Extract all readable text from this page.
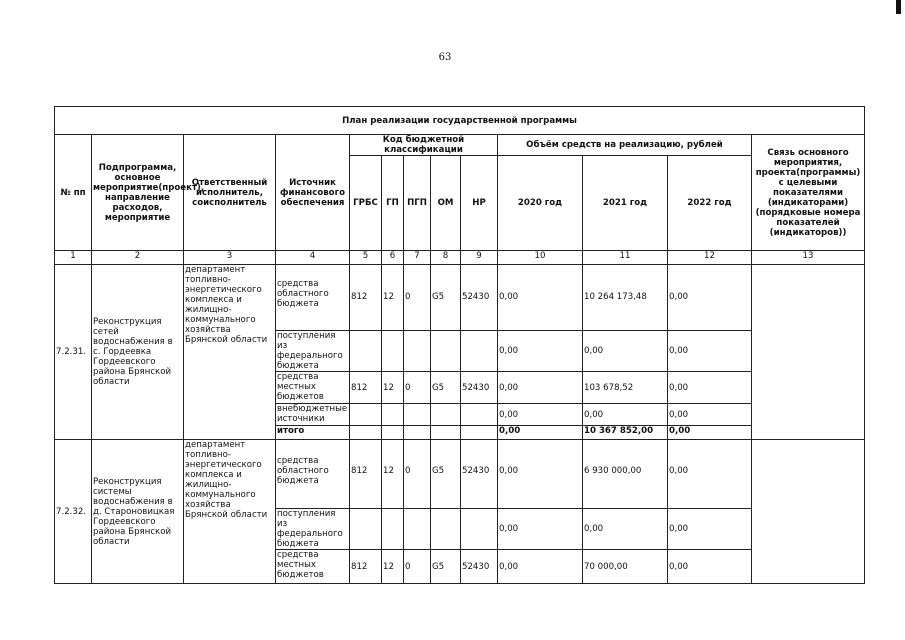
63
План реализации государственной программы												
№ пп	Подпрограмма, основное мероприятие(проект), направление расходов, мероприятие	Ответственный исполнитель, соисполнитель	Источник финансового обеспечения	Код бюджетной классификации					Объём средств на реализацию, рублей			Связь основного мероприятия, проекта(программы) с целевыми показателями (индикаторами) (порядковые номера показателей (индикаторов))
				ГРБС	ГП	ПГП	ОМ	НР	2020 год	2021 год	2022 год	
1	2	3	4	5	6	7	8	9	10	11	12	13
7.2.31.	Реконструкция сетей водоснабжения в с. Гордеевка Гордеевского района Брянской области	департамент топливно-энергетического комплекса и жилищно-коммунального хозяйства Брянской области	средства областного бюджета	812	12	0	G5	52430	0,00	10 264 173,48	0,00	
			поступления из федерального бюджета						0,00	0,00	0,00	
			средства местных бюджетов	812	12	0	G5	52430	0,00	103 678,52	0,00	
			внебюджетные источники						0,00	0,00	0,00	
			итого						0,00	10 367 852,00	0,00	
7.2.32.	Реконструкция системы водоснабжения в д. Староновицкая Гордеевского района Брянской области	департамент топливно-энергетического комплекса и жилищно-коммунального хозяйства Брянской области	средства областного бюджета	812	12	0	G5	52430	0,00	6 930 000,00	0,00	
			поступления из федерального бюджета						0,00	0,00	0,00	
			средства местных бюджетов	812	12	0	G5	52430	0,00	70 000,00	0,00	
